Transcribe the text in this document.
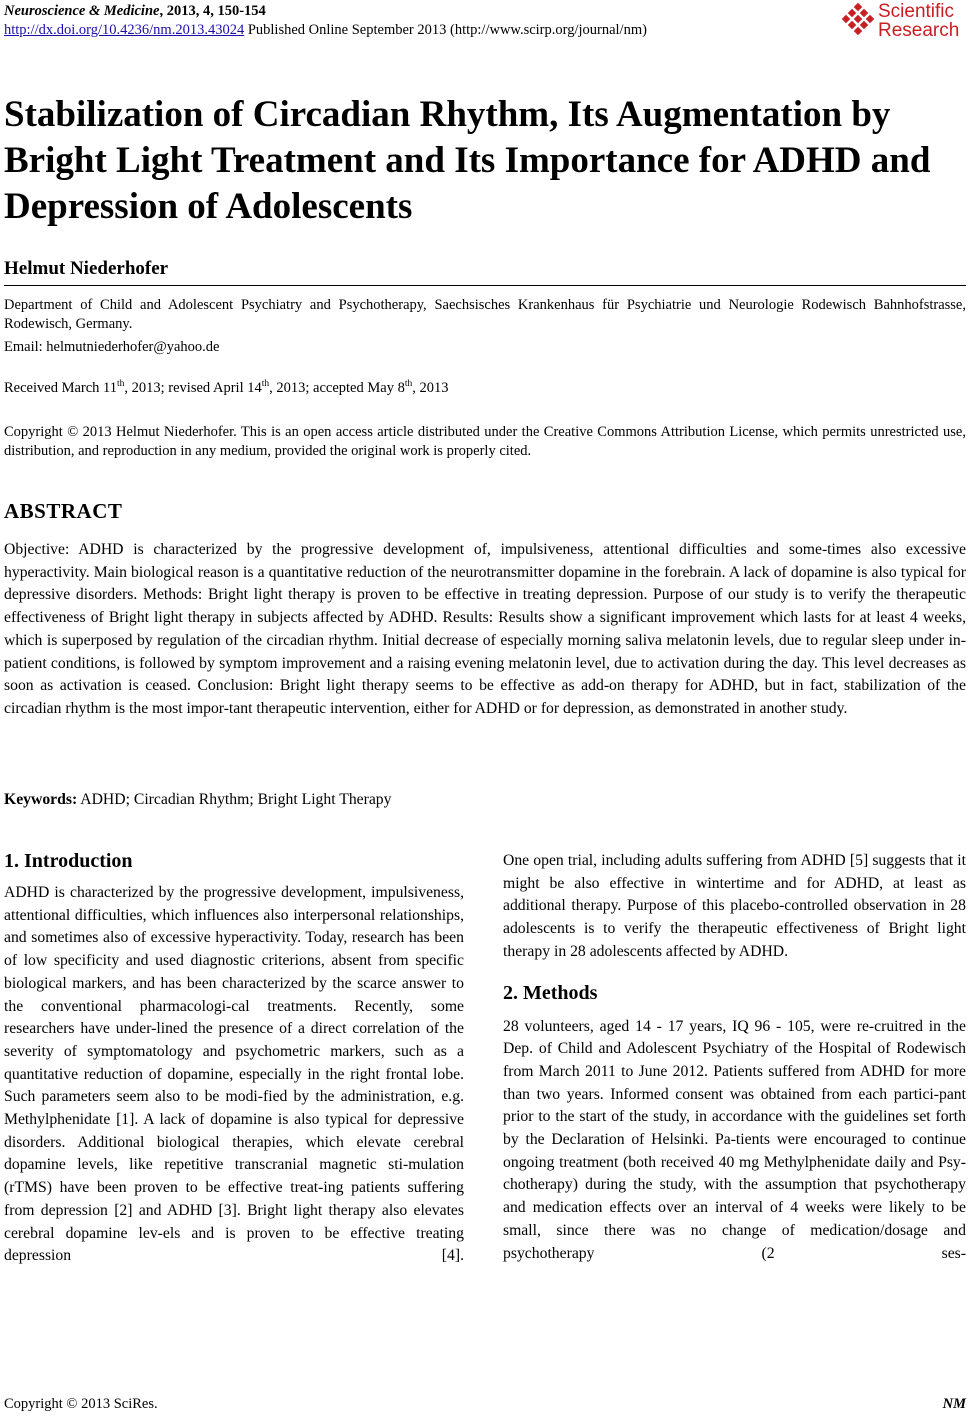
Neuroscience & Medicine, 2013, 4, 150-154
http://dx.doi.org/10.4236/nm.2013.43024 Published Online September 2013 (http://www.scirp.org/journal/nm)
Scientific
Research
Stabilization of Circadian Rhythm, Its Augmentation by Bright Light Treatment and Its Importance for ADHD and Depression of Adolescents
Helmut Niederhofer
Department of Child and Adolescent Psychiatry and Psychotherapy, Saechsisches Krankenhaus für Psychiatrie und Neurologie Rodewisch Bahnhofstrasse, Rodewisch, Germany.
Email: helmutniederhofer@yahoo.de
Received March 11th, 2013; revised April 14th, 2013; accepted May 8th, 2013
Copyright © 2013 Helmut Niederhofer. This is an open access article distributed under the Creative Commons Attribution License, which permits unrestricted use, distribution, and reproduction in any medium, provided the original work is properly cited.
ABSTRACT
Objective: ADHD is characterized by the progressive development of, impulsiveness, attentional difficulties and some-times also excessive hyperactivity. Main biological reason is a quantitative reduction of the neurotransmitter dopamine in the forebrain. A lack of dopamine is also typical for depressive disorders. Methods: Bright light therapy is proven to be effective in treating depression. Purpose of our study is to verify the therapeutic effectiveness of Bright light therapy in subjects affected by ADHD. Results: Results show a significant improvement which lasts for at least 4 weeks, which is superposed by regulation of the circadian rhythm. Initial decrease of especially morning saliva melatonin levels, due to regular sleep under in-patient conditions, is followed by symptom improvement and a raising evening melatonin level, due to activation during the day. This level decreases as soon as activation is ceased. Conclusion: Bright light therapy seems to be effective as add-on therapy for ADHD, but in fact, stabilization of the circadian rhythm is the most impor-tant therapeutic intervention, either for ADHD or for depression, as demonstrated in another study.
Keywords: ADHD; Circadian Rhythm; Bright Light Therapy
1. Introduction

ADHD is characterized by the progressive development, impulsiveness, attentional difficulties, which influences also interpersonal relationships, and sometimes also of excessive hyperactivity. Today, research has been of low specificity and used diagnostic criterions, absent from specific biological markers, and has been characterized by the scarce answer to the conventional pharmacologi-cal treatments. Recently, some researchers have under-lined the presence of a direct correlation of the severity of symptomatology and psychometric markers, such as a quantitative reduction of dopamine, especially in the right frontal lobe. Such parameters seem also to be modi-fied by the administration, e.g. Methylphenidate [1]. A lack of dopamine is also typical for depressive disorders. Additional biological therapies, which elevate cerebral dopamine levels, like repetitive transcranial magnetic sti-mulation (rTMS) have been proven to be effective treat-ing patients suffering from depression [2] and ADHD [3]. Bright light therapy also elevates cerebral dopamine lev-els and is proven to be effective treating depression [4].

One open trial, including adults suffering from ADHD [5] suggests that it might be also effective in wintertime and for ADHD, at least as additional therapy. Purpose of this placebo-controlled observation in 28 adolescents is to verify the therapeutic effectiveness of Bright light therapy in 28 adolescents affected by ADHD.

2. Methods

28 volunteers, aged 14 - 17 years, IQ 96 - 105, were re-cruitred in the Dep. of Child and Adolescent Psychiatry of the Hospital of Rodewisch from March 2011 to June 2012. Patients suffered from ADHD for more than two years. Informed consent was obtained from each partici-pant prior to the start of the study, in accordance with the guidelines set forth by the Declaration of Helsinki. Pa-tients were encouraged to continue ongoing treatment (both received 40 mg Methylphenidate daily and Psy-chotherapy) during the study, with the assumption that psychotherapy and medication effects over an interval of 4 weeks were likely to be small, since there was no change of medication/dosage and psychotherapy (2 ses-

Copyright © 2013 SciRes.	NM
